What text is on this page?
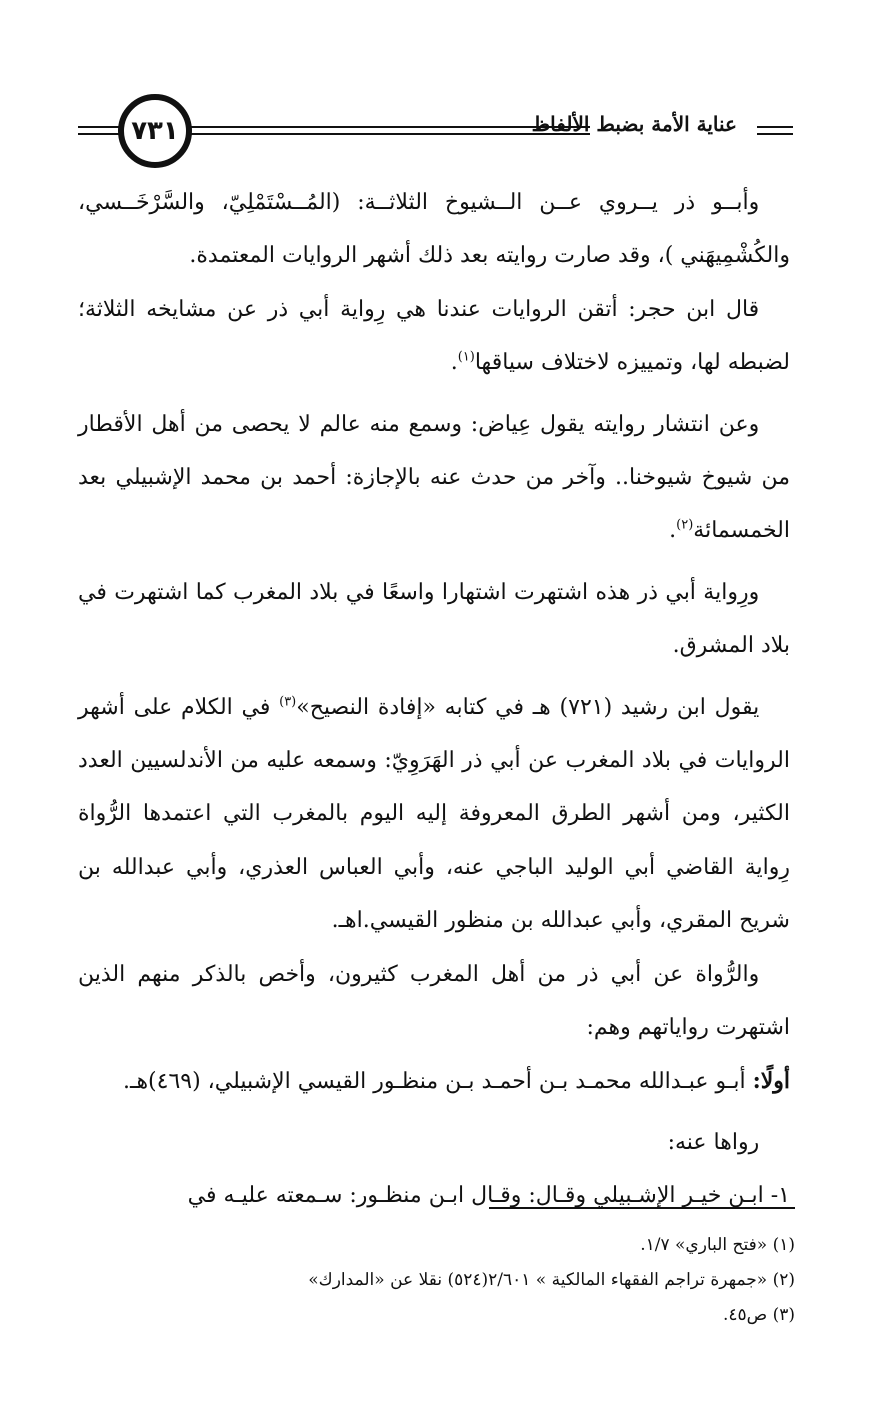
٧٣١	عناية الأمة بضبط الألفاظ

وأبــو ذر يــروي عــن الــشيوخ الثلاثــة: (المُــسْتَمْلِيّ، والسَّرْخَــسي، والكُشْمِيهَني )، وقد صارت روايته بعد ذلك أشهر الروايات المعتمدة.

قال ابن حجر: أتقن الروايات عندنا هي رِواية أبي ذر عن مشايخه الثلاثة؛ لضبطه لها، وتمييزه لاختلاف سياقها$^{(١)}$.

وعن انتشار روايته يقول عِياض: وسمع منه عالم لا يحصى من أهل الأقطار من شيوخ شيوخنا.. وآخر من حدث عنه بالإجازة: أحمد بن محمد الإشبيلي بعد الخمسمائة$^{(٢)}$.

ورِواية أبي ذر هذه اشتهرت اشتهارا واسعًا في بلاد المغرب كما اشتهرت في بلاد المشرق.

يقول ابن رشيد (٧٢١) هـ في كتابه «إفادة النصيح»$^{(٣)}$ في الكلام على أشهر الروايات في بلاد المغرب عن أبي ذر الهَرَوِيّ: وسمعه عليه من الأندلسيين العدد الكثير، ومن أشهر الطرق المعروفة إليه اليوم بالمغرب التي اعتمدها الرُّواة رِواية القاضي أبي الوليد الباجي عنه، وأبي العباس العذري، وأبي عبدالله بن شريح المقري، وأبي عبدالله بن منظور القيسي.اهـ.

والرُّواة عن أبي ذر من أهل المغرب كثيرون، وأخص بالذكر منهم الذين اشتهرت رواياتهم وهم:

أولًا: أبـو عبـدالله محمـد بـن أحمـد بـن منظـور القيسي الإشبيلي، (٤٦٩)هـ.

رواها عنه:

١- ابـن خيـر الإشـبيلي وقـال: وقـال ابـن منظـور: سـمعته عليـه في

(١) «فتح الباري» ١/٧.

(٢) «جمهرة تراجم الفقهاء المالكية » ٢/٦٠١(٥٢٤) نقلا عن «المدارك»

(٣) ص٤٥.
